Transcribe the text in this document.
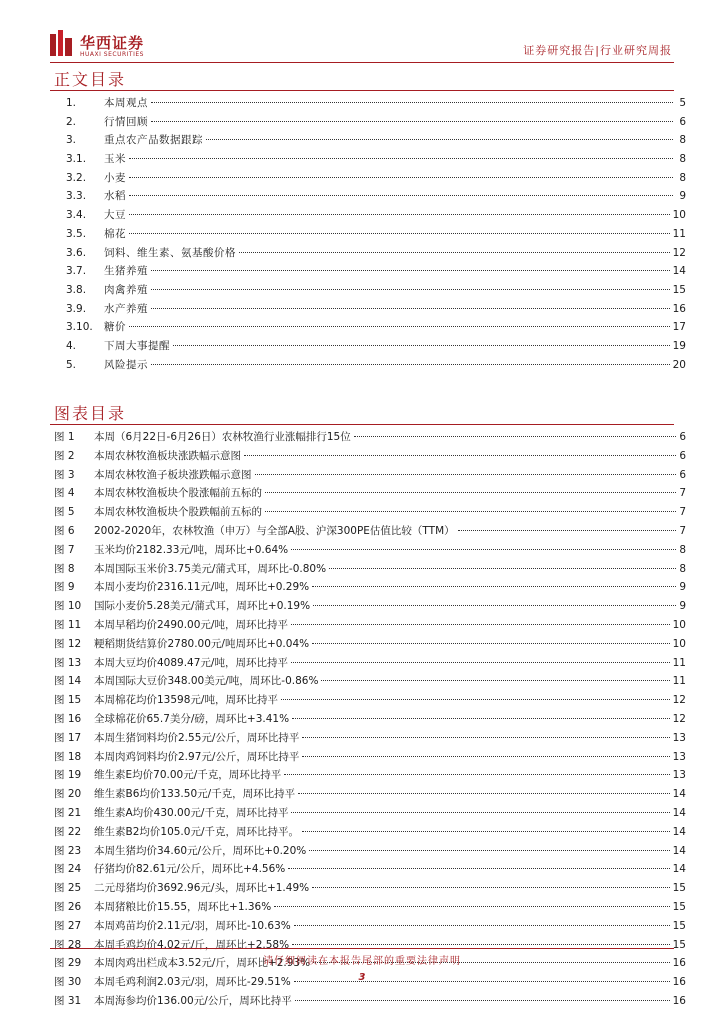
华西证券
HUAXI SECURITIES	证券研究报告|行业研究周报
正文目录
1.	本周观点	5
2.	行情回顾	6
3.	重点农产品数据跟踪	8
3.1.	玉米	8
3.2.	小麦	8
3.3.	水稻	9
3.4.	大豆	10
3.5.	棉花	11
3.6.	饲料、维生素、氨基酸价格	12
3.7.	生猪养殖	14
3.8.	肉禽养殖	15
3.9.	水产养殖	16
3.10.	糖价	17
4.	下周大事提醒	19
5.	风险提示	20
图表目录
图 1	本周（6月22日-6月26日）农林牧渔行业涨幅排行15位	6
图 2	本周农林牧渔板块涨跌幅示意图	6
图 3	本周农林牧渔子板块涨跌幅示意图	6
图 4	本周农林牧渔板块个股涨幅前五标的	7
图 5	本周农林牧渔板块个股跌幅前五标的	7
图 6	2002-2020年，农林牧渔（申万）与全部A股、沪深300PE估值比较（TTM）	7
图 7	玉米均价2182.33元/吨，周环比+0.64%	8
图 8	本周国际玉米价3.75美元/蒲式耳，周环比-0.80%	8
图 9	本周小麦均价2316.11元/吨，周环比+0.29%	9
图 10	国际小麦价5.28美元/蒲式耳，周环比+0.19%	9
图 11	本周早稻均价2490.00元/吨，周环比持平	10
图 12	粳稻期货结算价2780.00元/吨周环比+0.04%	10
图 13	本周大豆均价4089.47元/吨，周环比持平	11
图 14	本周国际大豆价348.00美元/吨，周环比-0.86%	11
图 15	本周棉花均价13598元/吨，周环比持平	12
图 16	全球棉花价65.7美分/磅，周环比+3.41%	12
图 17	本周生猪饲料均价2.55元/公斤，周环比持平	13
图 18	本周肉鸡饲料均价2.97元/公斤，周环比持平	13
图 19	维生素E均价70.00元/千克，周环比持平	13
图 20	维生素B6均价133.50元/千克，周环比持平	14
图 21	维生素A均价430.00元/千克，周环比持平	14
图 22	维生素B2均价105.0元/千克，周环比持平。	14
图 23	本周生猪均价34.60元/公斤，周环比+0.20%	14
图 24	仔猪均价82.61元/公斤，周环比+4.56%	14
图 25	二元母猪均价3692.96元/头，周环比+1.49%	15
图 26	本周猪粮比价15.55，周环比+1.36%	15
图 27	本周鸡苗均价2.11元/羽，周环比-10.63%	15
图 28	本周毛鸡均价4.02元/斤，周环比+2.58%	15
图 29	本周肉鸡出栏成本3.52元/斤，周环比+2.93%	16
图 30	本周毛鸡利润2.03元/羽，周环比-29.51%	16
图 31	本周海参均价136.00元/公斤，周环比持平	16
请仔细阅读在本报告尾部的重要法律声明
3
